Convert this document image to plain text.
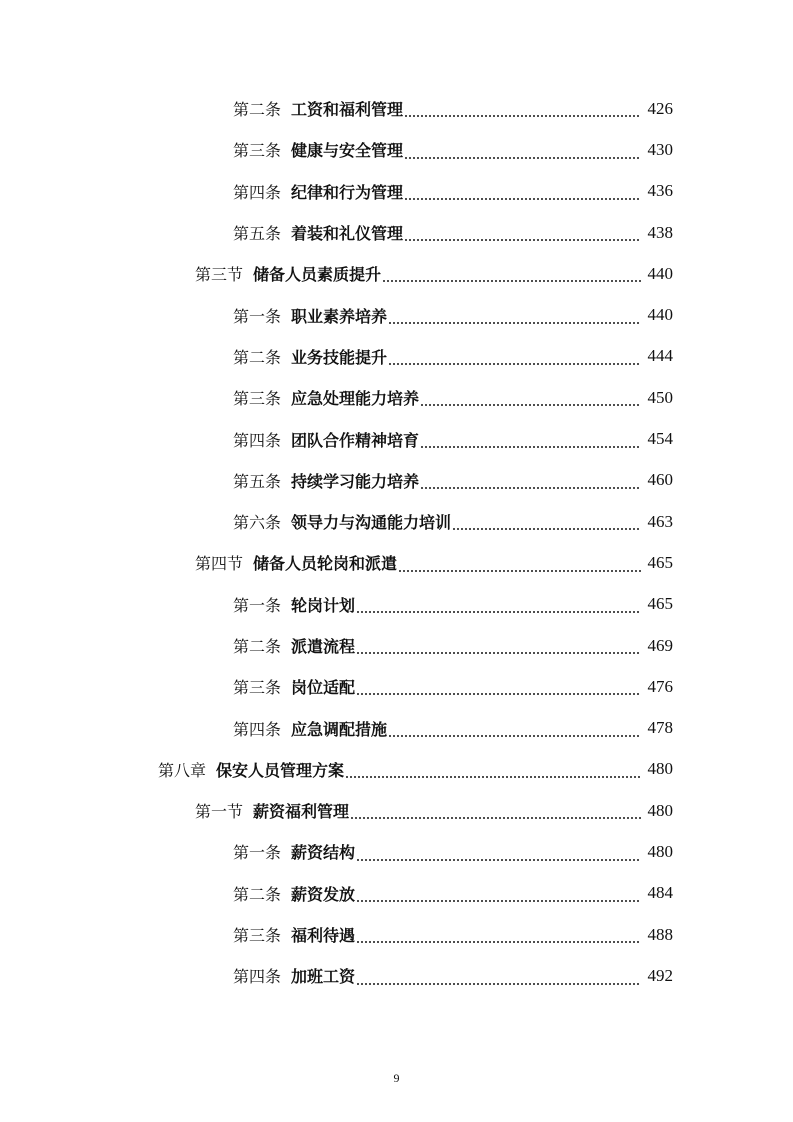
第二条 工资和福利管理	426
第三条 健康与安全管理	430
第四条 纪律和行为管理	436
第五条 着装和礼仪管理	438
第三节 储备人员素质提升	440
第一条 职业素养培养	440
第二条 业务技能提升	444
第三条 应急处理能力培养	450
第四条 团队合作精神培育	454
第五条 持续学习能力培养	460
第六条 领导力与沟通能力培训	463
第四节 储备人员轮岗和派遣	465
第一条 轮岗计划	465
第二条 派遣流程	469
第三条 岗位适配	476
第四条 应急调配措施	478
第八章 保安人员管理方案	480
第一节 薪资福利管理	480
第一条 薪资结构	480
第二条 薪资发放	484
第三条 福利待遇	488
第四条 加班工资	492
9
